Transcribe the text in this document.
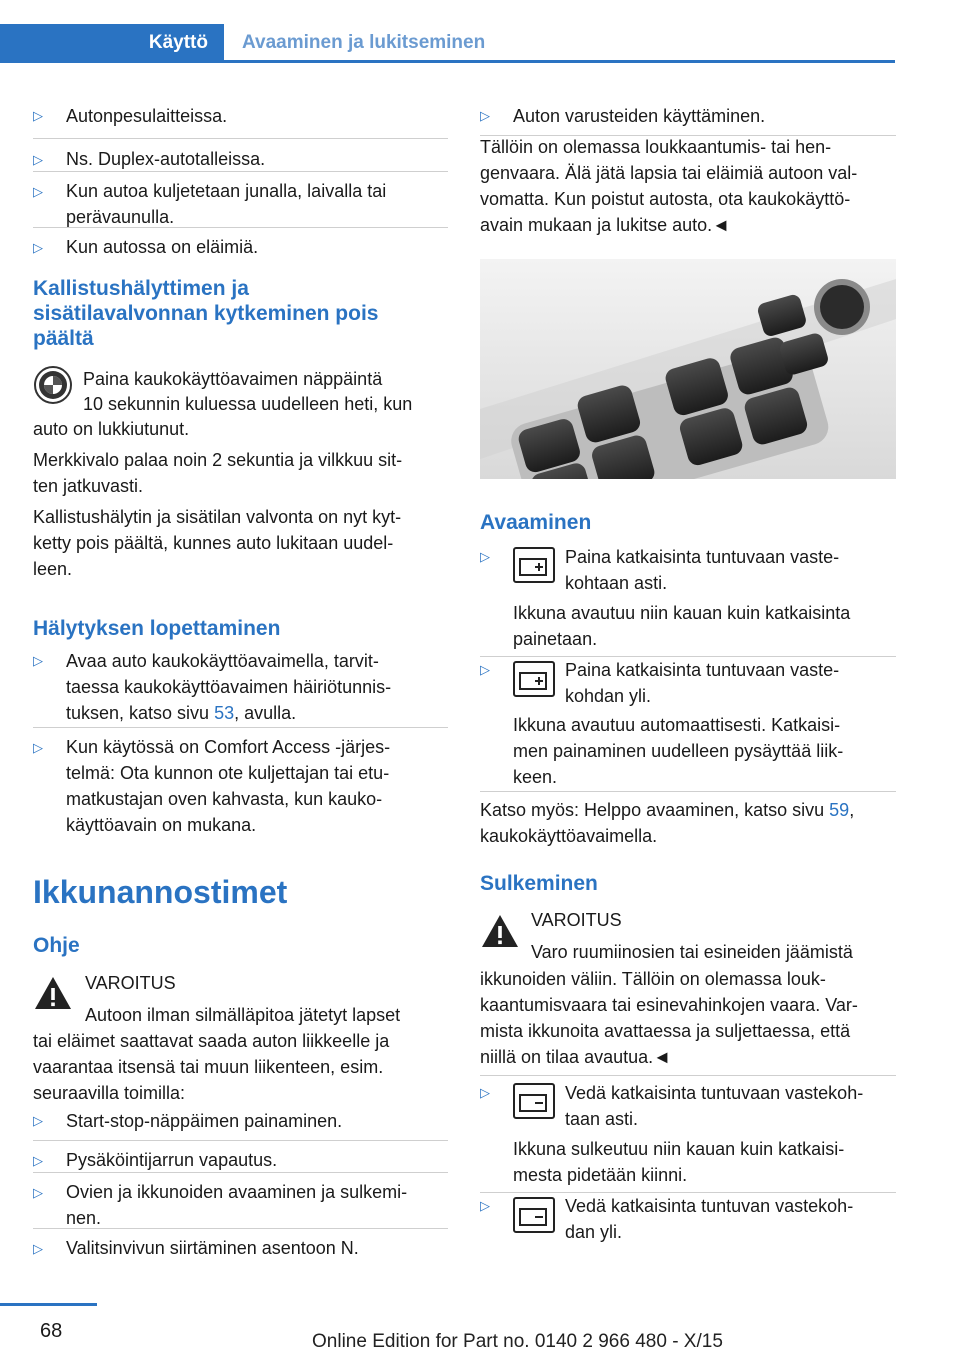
Käyttö	Avaaminen ja lukitseminen
▷ Autonpesulaitteissa.
▷ Ns. Duplex-autotalleissa.
▷ Kun autoa kuljetetaan junalla, laivalla tai
perävaunulla.
▷ Kun autossa on eläimiä.
Kallistushälyttimen ja
sisätilavalvonnan kytkeminen pois
päältä
Paina kaukokäyttöavaimen näppäintä
10 sekunnin kuluessa uudelleen heti, kun
auto on lukkiutunut.
Merkkivalo palaa noin 2 sekuntia ja vilkkuu sit-
ten jatkuvasti.
Kallistushälytin ja sisätilan valvonta on nyt kyt-
ketty pois päältä, kunnes auto lukitaan uudel-
leen.
Hälytyksen lopettaminen
▷ Avaa auto kaukokäyttöavaimella, tarvit-
taessa kaukokäyttöavaimen häiriötunnis-
tuksen, katso sivu 53, avulla.
▷ Kun käytössä on Comfort Access -järjes-
telmä: Ota kunnon ote kuljettajan tai etu-
matkustajan oven kahvasta, kun kauko-
käyttöavain on mukana.
Ikkunannostimet
Ohje
VAROITUS
Autoon ilman silmälläpitoa jätetyt lapset
tai eläimet saattavat saada auton liikkeelle ja
vaarantaa itsensä tai muun liikenteen, esim.
seuraavilla toimilla:
▷ Start-stop-näppäimen painaminen.
▷ Pysäköintijarrun vapautus.
▷ Ovien ja ikkunoiden avaaminen ja sulkemi-
nen.
▷ Valitsinvivun siirtäminen asentoon N.
▷ Auton varusteiden käyttäminen.
Tällöin on olemassa loukkaantumis- tai hen-
genvaara. Älä jätä lapsia tai eläimiä autoon val-
vomatta. Kun poistut autosta, ota kaukokäyttö-
avain mukaan ja lukitse auto.◄
Avaaminen
▷	Paina katkaisinta tuntuvaan vaste-
kohtaan asti.
Ikkuna avautuu niin kauan kuin katkaisinta
painetaan.
▷	Paina katkaisinta tuntuvaan vaste-
kohdan yli.
Ikkuna avautuu automaattisesti. Katkaisi-
men painaminen uudelleen pysäyttää liik-
keen.
Katso myös: Helppo avaaminen, katso sivu 59,
kaukokäyttöavaimella.
Sulkeminen
VAROITUS
Varo ruumiinosien tai esineiden jäämistä
ikkunoiden väliin. Tällöin on olemassa louk-
kaantumisvaara tai esinevahinkojen vaara. Var-
mista ikkunoita avattaessa ja suljettaessa, että
niillä on tilaa avautua.◄
▷	Vedä katkaisinta tuntuvaan vastekoh-
taan asti.
Ikkuna sulkeutuu niin kauan kuin katkaisi-
mesta pidetään kiinni.
▷	Vedä katkaisinta tuntuvan vastekoh-
dan yli.
68	Online Edition for Part no. 0140 2 966 480 - X/15
